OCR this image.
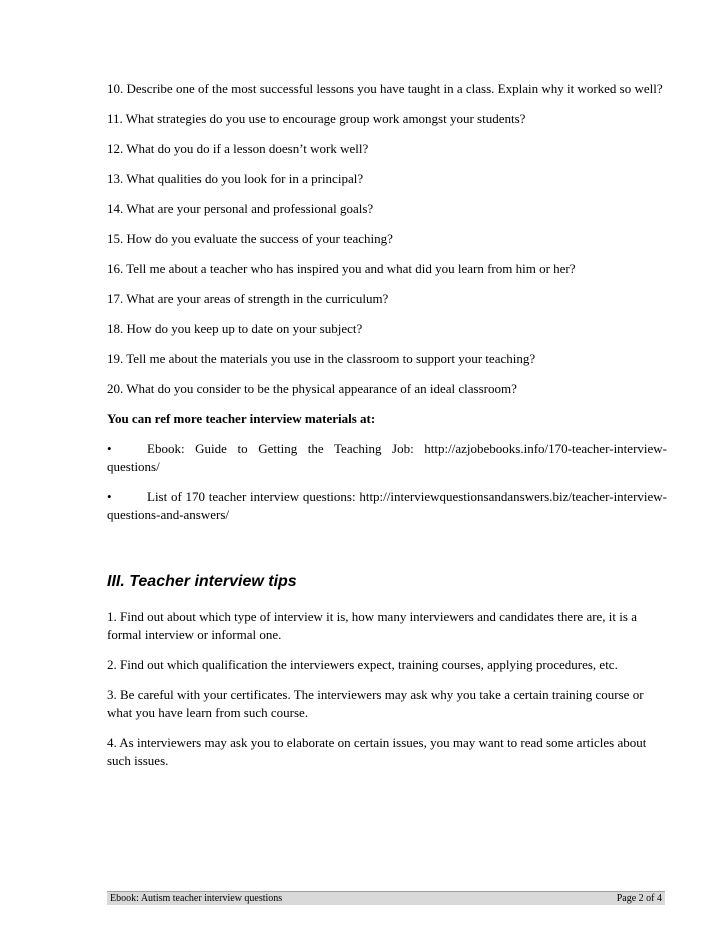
10. Describe one of the most successful lessons you have taught in a class. Explain why it worked so well?

11. What strategies do you use to encourage group work amongst your students?

12. What do you do if a lesson doesn’t work well?

13. What qualities do you look for in a principal?

14. What are your personal and professional goals?

15. How do you evaluate the success of your teaching?

16. Tell me about a teacher who has inspired you and what did you learn from him or her?

17. What are your areas of strength in the curriculum?

18. How do you keep up to date on your subject?

19. Tell me about the materials you use in the classroom to support your teaching?

20. What do you consider to be the physical appearance of an ideal classroom?

You can ref more teacher interview materials at:

•	Ebook: Guide to Getting the Teaching Job: http://azjobebooks.info/170-teacher-interview-questions/

•	List of 170 teacher interview questions: http://interviewquestionsandanswers.biz/teacher-interview-questions-and-answers/

III. Teacher interview tips

1. Find out about which type of interview it is, how many interviewers and candidates there are, it is a formal interview or informal one.

2. Find out which qualification the interviewers expect, training courses, applying procedures, etc.

3. Be careful with your certificates. The interviewers may ask why you take a certain training course or what you have learn from such course.

4. As interviewers may ask you to elaborate on certain issues, you may want to read some articles about such issues.

Ebook: Autism teacher interview questions	Page 2 of 4
